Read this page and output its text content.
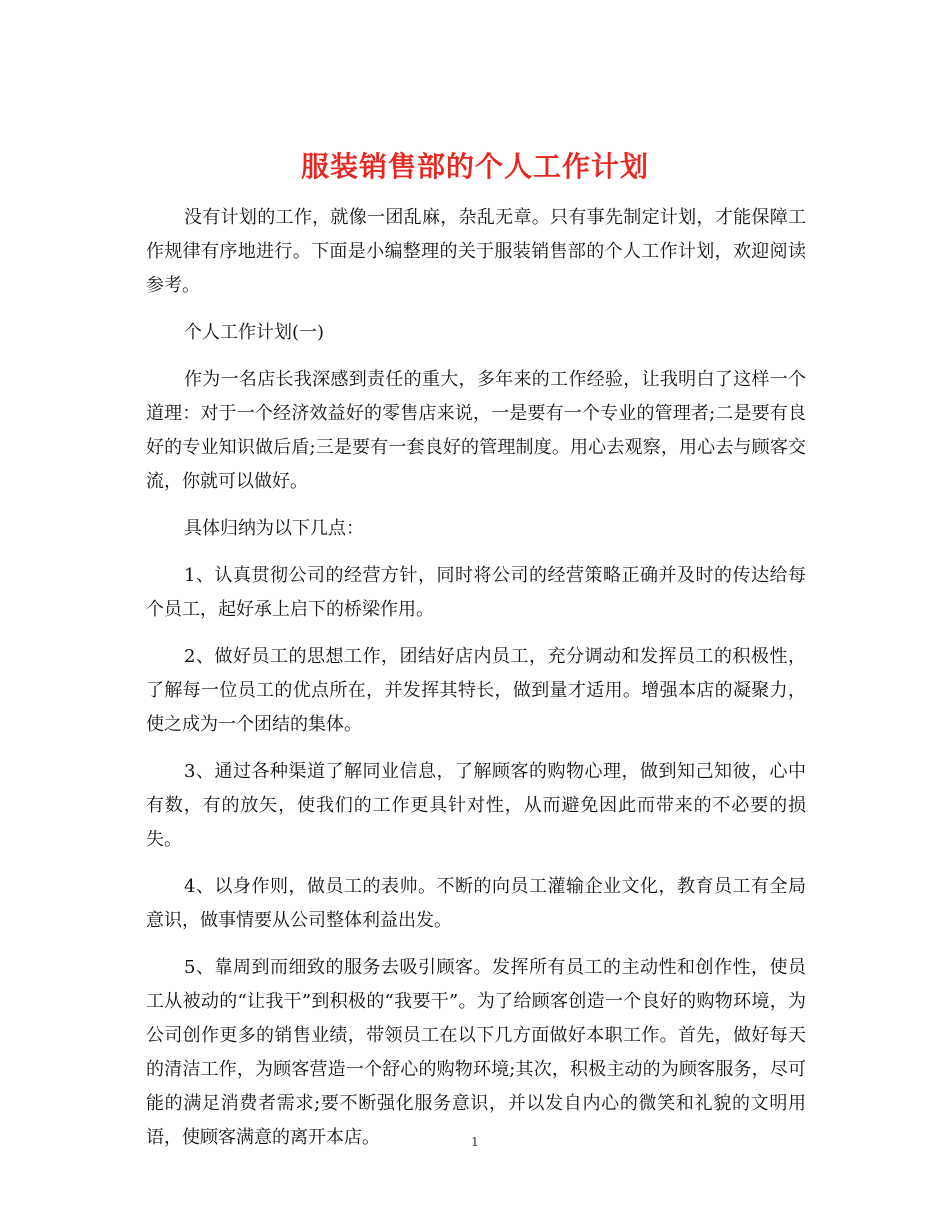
服装销售部的个人工作计划

没有计划的工作，就像一团乱麻，杂乱无章。只有事先制定计划，才能保障工作规律有序地进行。下面是小编整理的关于服装销售部的个人工作计划，欢迎阅读参考。

个人工作计划(一)

作为一名店长我深感到责任的重大，多年来的工作经验，让我明白了这样一个道理：对于一个经济效益好的零售店来说，一是要有一个专业的管理者;二是要有良好的专业知识做后盾;三是要有一套良好的管理制度。用心去观察，用心去与顾客交流，你就可以做好。

具体归纳为以下几点：

1、认真贯彻公司的经营方针，同时将公司的经营策略正确并及时的传达给每个员工，起好承上启下的桥梁作用。

2、做好员工的思想工作，团结好店内员工，充分调动和发挥员工的积极性，了解每一位员工的优点所在，并发挥其特长，做到量才适用。增强本店的凝聚力，使之成为一个团结的集体。

3、通过各种渠道了解同业信息，了解顾客的购物心理，做到知己知彼，心中有数，有的放矢，使我们的工作更具针对性，从而避免因此而带来的不必要的损失。

4、以身作则，做员工的表帅。不断的向员工灌输企业文化，教育员工有全局意识，做事情要从公司整体利益出发。

5、靠周到而细致的服务去吸引顾客。发挥所有员工的主动性和创作性，使员工从被动的“让我干”到积极的“我要干”。为了给顾客创造一个良好的购物环境，为公司创作更多的销售业绩，带领员工在以下几方面做好本职工作。首先，做好每天的清洁工作，为顾客营造一个舒心的购物环境;其次，积极主动的为顾客服务，尽可能的满足消费者需求;要不断强化服务意识，并以发自内心的微笑和礼貌的文明用语，使顾客满意的离开本店。	1
